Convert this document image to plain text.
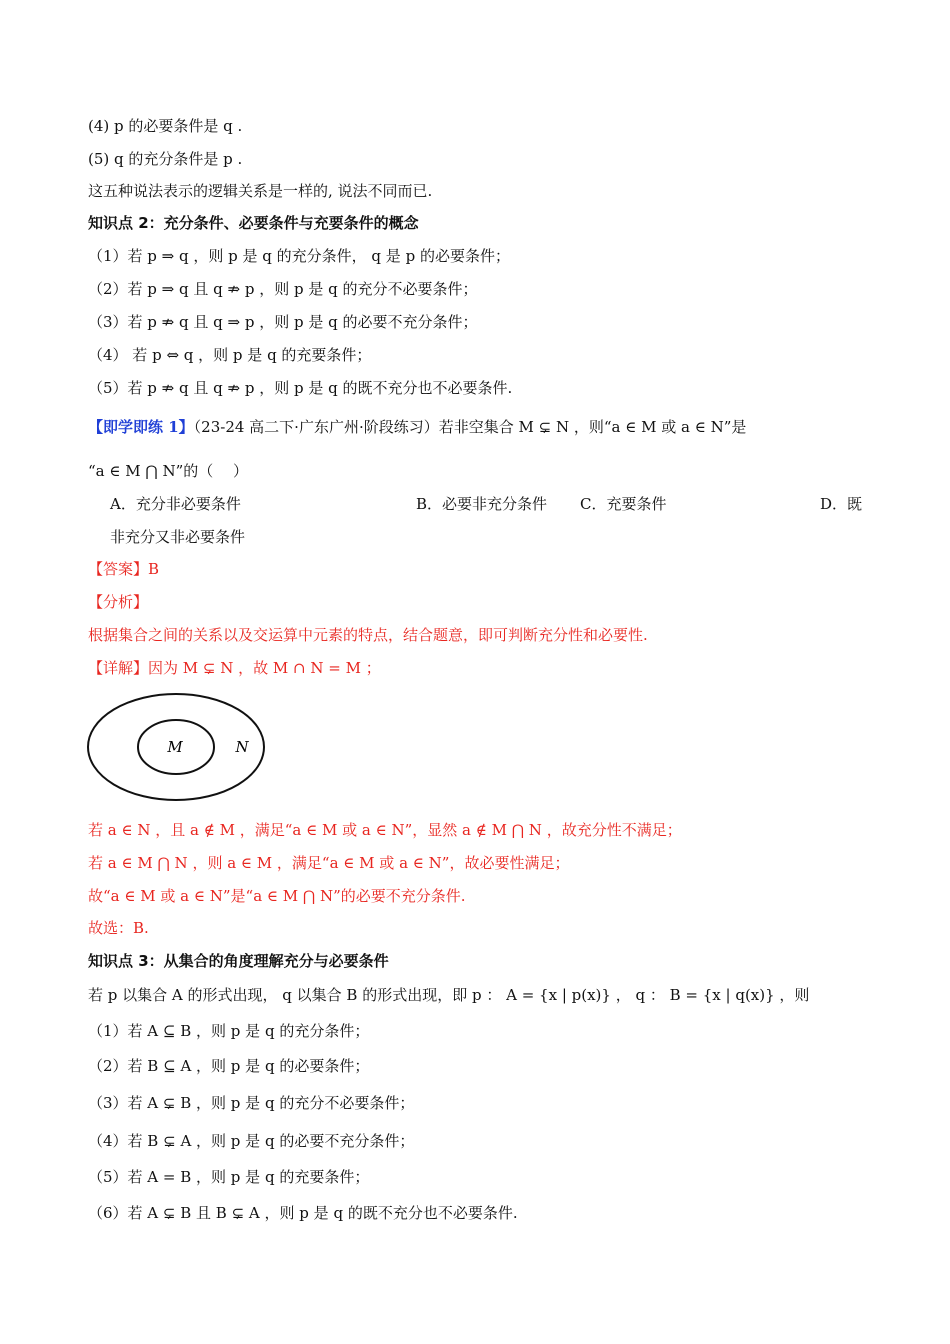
(4) p 的必要条件是 q .
(5) q 的充分条件是 p .
这五种说法表示的逻辑关系是一样的, 说法不同而已.
知识点 2：充分条件、必要条件与充要条件的概念
（1）若 p ⇒ q ，则 p 是 q 的充分条件， q 是 p 的必要条件；
（2）若 p ⇒ q 且 q ⇏ p ，则 p 是 q 的充分不必要条件；
（3）若 p ⇏ q 且 q ⇒ p ，则 p 是 q 的必要不充分条件；
（4） 若 p ⇔ q ，则 p 是 q 的充要条件；
（5）若 p ⇏ q 且 q ⇏ p ，则 p 是 q 的既不充分也不必要条件.
【即学即练 1】（23-24 高二下·广东广州·阶段练习）若非空集合 M ⊊ N ，则“a ∈ M 或 a ∈ N”是
“a ∈ M ⋂ N”的（　 ）
A．充分非必要条件	B．必要非充分条件 C．充要条件	D．既
非充分又非必要条件
【答案】B
【分析】
根据集合之间的关系以及交运算中元素的特点，结合题意，即可判断充分性和必要性.
【详解】因为 M ⊊ N ，故 M ∩ N = M ；
M	N
若 a ∈ N ，且 a ∉ M ，满足“a ∈ M 或 a ∈ N”，显然 a ∉ M ⋂ N ，故充分性不满足；
若 a ∈ M ⋂ N ，则 a ∈ M ，满足“a ∈ M 或 a ∈ N”，故必要性满足；
故“a ∈ M 或 a ∈ N”是“a ∈ M ⋂ N”的必要不充分条件.
故选：B.
知识点 3：从集合的角度理解充分与必要条件
若 p 以集合 A 的形式出现， q 以集合 B 的形式出现，即 p ： A = {x | p(x)} ， q ： B = {x | q(x)} ，则
（1）若 A ⊆ B ，则 p 是 q 的充分条件；
（2）若 B ⊆ A ，则 p 是 q 的必要条件；
（3）若 A ⊊ B ，则 p 是 q 的充分不必要条件；
（4）若 B ⊊ A ，则 p 是 q 的必要不充分条件；
（5）若 A = B ，则 p 是 q 的充要条件；
（6）若 A ⊊ B 且 B ⊊ A ，则 p 是 q 的既不充分也不必要条件.
